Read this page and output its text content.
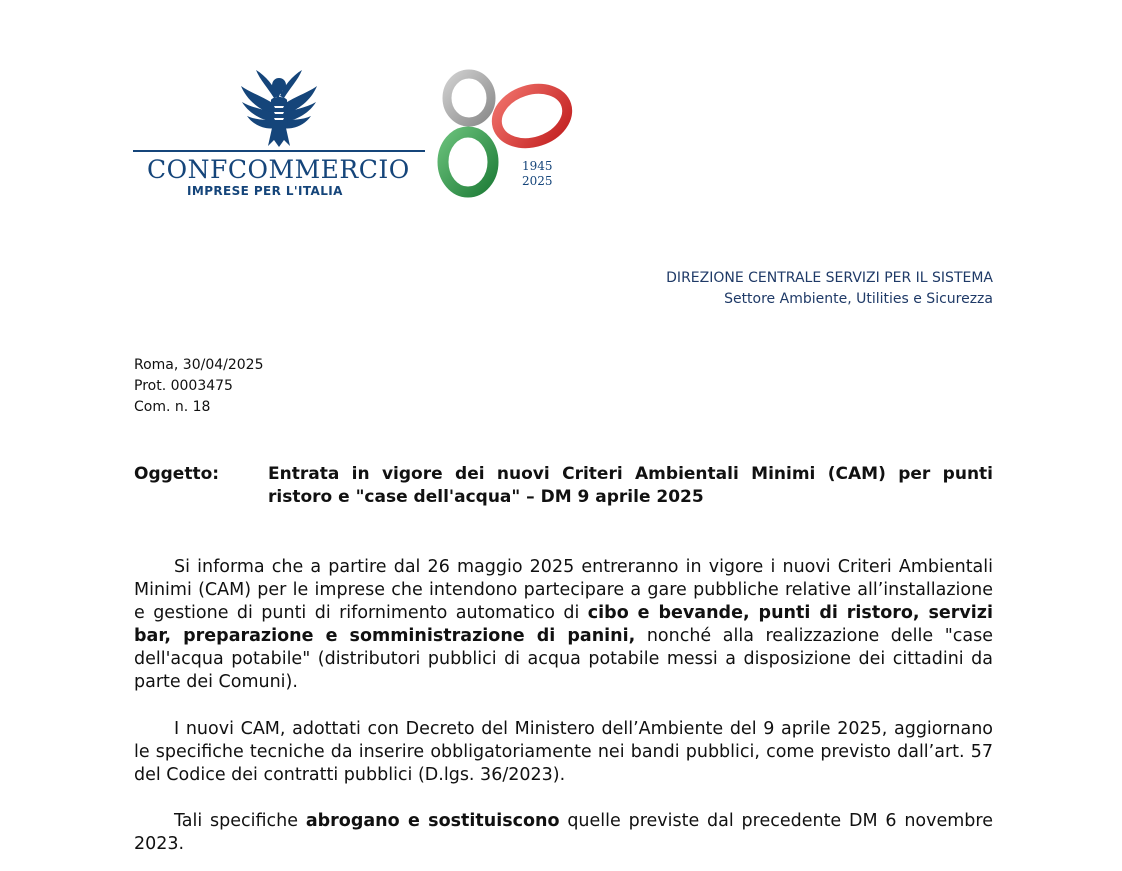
CONFCOMMERCIO
IMPRESE PER L'ITALIA
1945
2025
DIREZIONE CENTRALE SERVIZI PER IL SISTEMA
Settore Ambiente, Utilities e Sicurezza
Roma, 30/04/2025
Prot. 0003475
Com. n. 18
Oggetto:	Entrata in vigore dei nuovi Criteri Ambientali Minimi (CAM) per punti ristoro e "case dell'acqua" – DM 9 aprile 2025

Si informa che a partire dal 26 maggio 2025 entreranno in vigore i nuovi Criteri Ambientali Minimi (CAM) per le imprese che intendono partecipare a gare pubbliche relative all’installazione e gestione di punti di rifornimento automatico di cibo e bevande, punti di ristoro, servizi bar, preparazione e somministrazione di panini, nonché alla realizzazione delle "case dell'acqua potabile" (distributori pubblici di acqua potabile messi a disposizione dei cittadini da parte dei Comuni).

I nuovi CAM, adottati con Decreto del Ministero dell’Ambiente del 9 aprile 2025, aggiornano le specifiche tecniche da inserire obbligatoriamente nei bandi pubblici, come previsto dall’art. 57 del Codice dei contratti pubblici (D.lgs. 36/2023).

Tali specifiche abrogano e sostituiscono quelle previste dal precedente DM 6 novembre 2023.
